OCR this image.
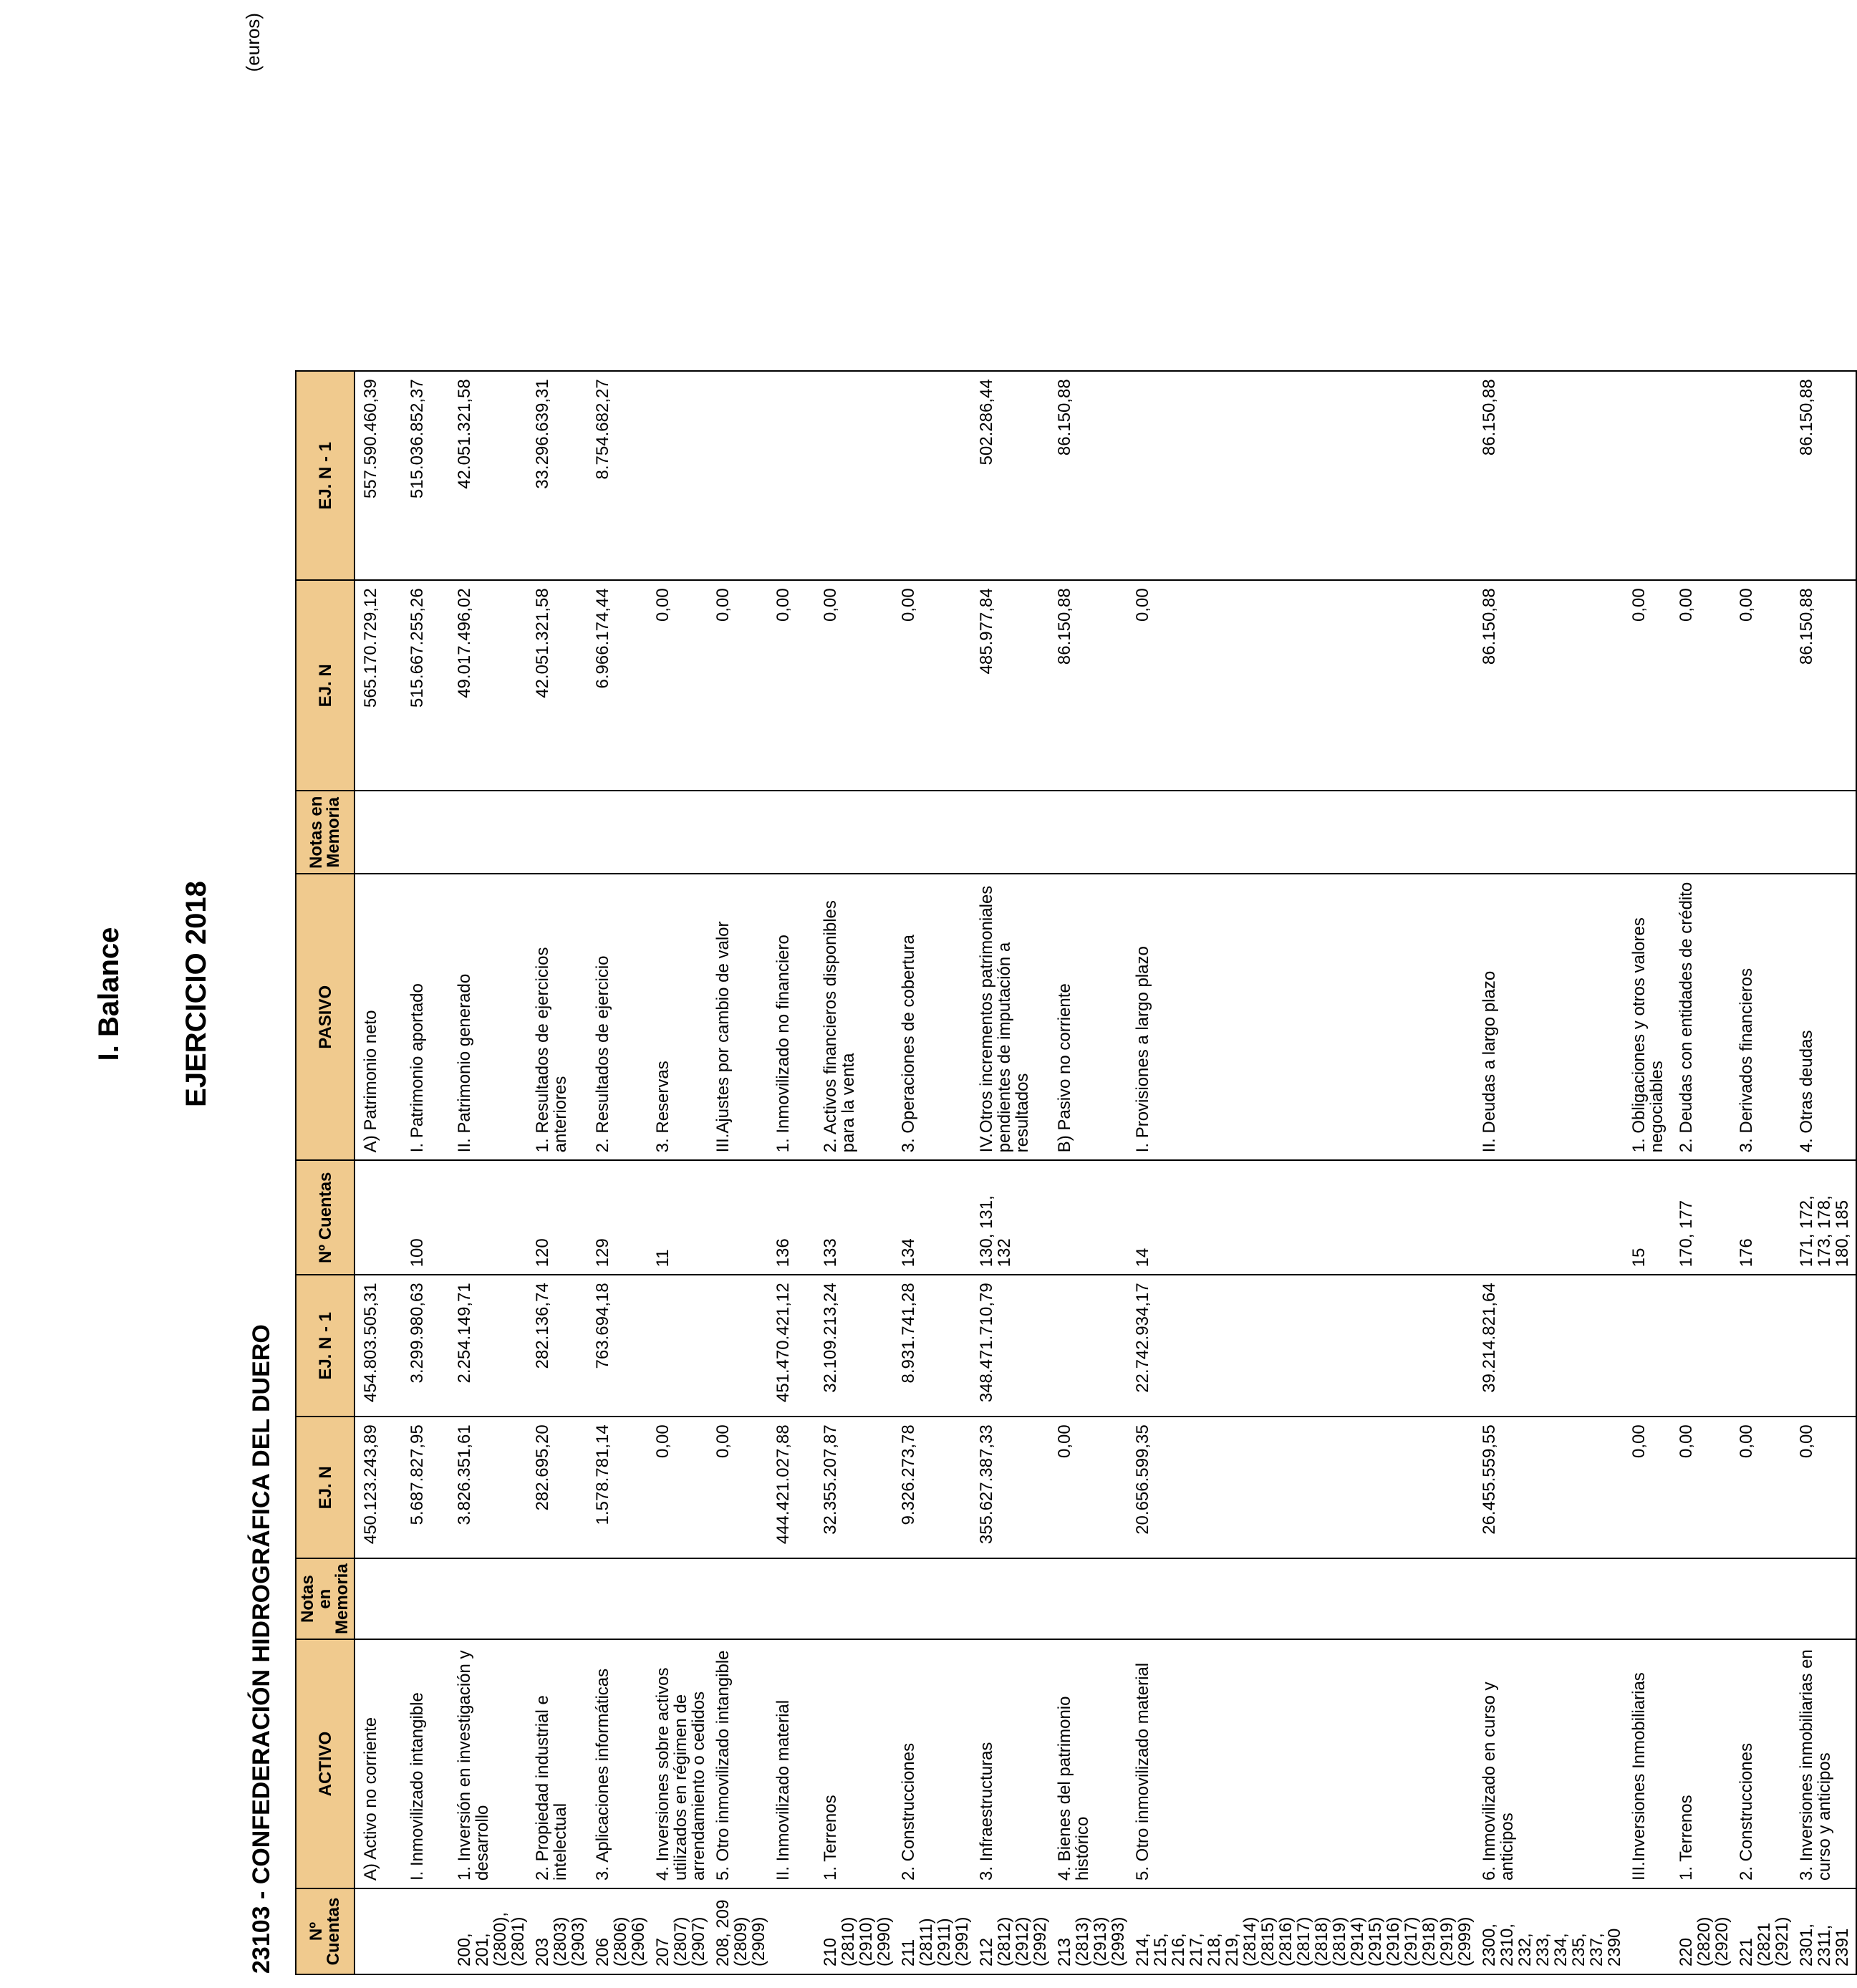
I. Balance EJERCICIO 2018
23103 - CONFEDERACIÓN HIDROGRÁFICA DEL DUERO
(euros)
Nº Cuentas	ACTIVO	Notas en Memoria	EJ. N	EJ. N - 1	Nº Cuentas	PASIVO	Notas en Memoria	EJ. N	EJ. N - 1
	A) Activo no corriente		450.123.243,89	454.803.505,31		A) Patrimonio neto		565.170.729,12	557.590.460,39
	I. Inmovilizado intangible		5.687.827,95	3.299.980,63	100	I. Patrimonio aportado		515.667.255,26	515.036.852,37
200, 201, (2800), (2801)	1. Inversión en investigación y desarrollo		3.826.351,61	2.254.149,71		II. Patrimonio generado		49.017.496,02	42.051.321,58
203 (2803) (2903)	2. Propiedad industrial e intelectual		282.695,20	282.136,74	120	1. Resultados de ejercicios anteriores		42.051.321,58	33.296.639,31
206 (2806) (2906)	3. Aplicaciones informáticas		1.578.781,14	763.694,18	129	2. Resultados de ejercicio		6.966.174,44	8.754.682,27
207 (2807) (2907)	4. Inversiones sobre activos utilizados en régimen de arrendamiento o cedidos		0,00		11	3. Reservas		0,00	
208, 209 (2809) (2909)	5. Otro inmovilizado intangible		0,00			III.Ajustes por cambio de valor		0,00	
	II. Inmovilizado material		444.421.027,88	451.470.421,12	136	1. Inmovilizado no financiero		0,00	
210 (2810) (2910) (2990)	1. Terrenos		32.355.207,87	32.109.213,24	133	2. Activos financieros disponibles para la venta		0,00	
211 (2811) (2911) (2991)	2. Construcciones		9.326.273,78	8.931.741,28	134	3. Operaciones de cobertura		0,00	
212 (2812) (2912) (2992)	3. Infraestructuras		355.627.387,33	348.471.710,79	130, 131, 132	IV.Otros incrementos patrimoniales pendientes de imputación a resultados		485.977,84	502.286,44
213 (2813) (2913) (2993)	4. Bienes del patrimonio histórico		0,00			B) Pasivo no corriente		86.150,88	86.150,88
214, 215, 216, 217, 218, 219, (2814) (2815) (2816) (2817) (2818) (2819) (2914) (2915) (2916) (2917) (2918) (2919) (2999)	5. Otro inmovilizado material		20.656.599,35	22.742.934,17	14	I. Provisiones a largo plazo		0,00	
2300, 2310, 232, 233, 234, 235, 237, 2390	6. Inmovilizado en curso y anticipos		26.455.559,55	39.214.821,64		II. Deudas a largo plazo		86.150,88	86.150,88
	III.Inversiones Inmobiliarias		0,00		15	1. Obligaciones y otros valores negociables		0,00	
220 (2820) (2920)	1. Terrenos		0,00		170, 177	2. Deudas con entidades de crédito		0,00	
221 (2821 (2921)	2. Construcciones		0,00		176	3. Derivados financieros		0,00	
2301, 2311, 2391	3. Inversiones inmobiliarias en curso y anticipos		0,00		171, 172, 173, 178, 180, 185	4. Otras deudas		86.150,88	86.150,88
